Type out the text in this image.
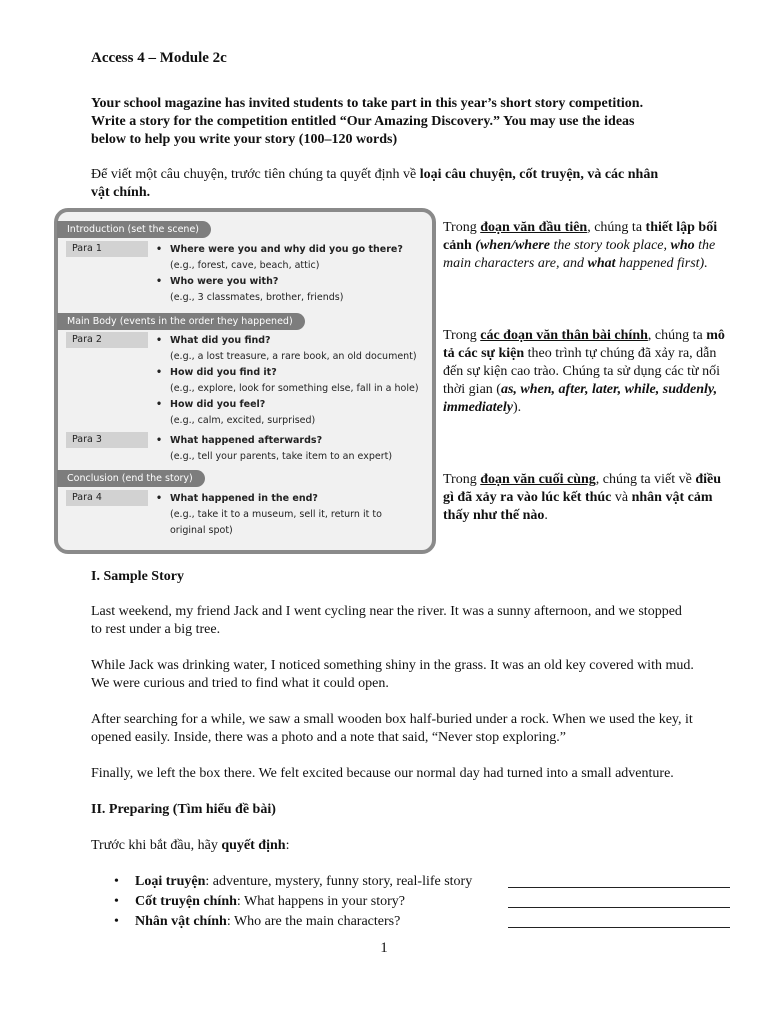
Access 4 – Module 2c
Your school magazine has invited students to take part in this year’s short story competition.
Write a story for the competition entitled “Our Amazing Discovery.” You may use the ideas
below to help you write your story (100–120 words)
Để viết một câu chuyện, trước tiên chúng ta quyết định về loại câu chuyện, cốt truyện, và các nhân
vật chính.
Introduction (set the scene)
Para 1	• Where were you and why did you go there?
(e.g., forest, cave, beach, attic)
• Who were you with?
(e.g., 3 classmates, brother, friends)
Main Body (events in the order they happened)
Para 2	• What did you find?
(e.g., a lost treasure, a rare book, an old document)
• How did you find it?
(e.g., explore, look for something else, fall in a hole)
• How did you feel?
(e.g., calm, excited, surprised)
Para 3	• What happened afterwards?
(e.g., tell your parents, take item to an expert)
Conclusion (end the story)
Para 4	• What happened in the end?
(e.g., take it to a museum, sell it, return it to
original spot)
Trong đoạn văn đầu tiên, chúng ta thiết lập bối
cảnh (when/where the story took place, who the
main characters are, and what happened first).
Trong các đoạn văn thân bài chính, chúng ta mô
tả các sự kiện theo trình tự chúng đã xảy ra, dẫn
đến sự kiện cao trào. Chúng ta sử dụng các từ nối
thời gian (as, when, after, later, while, suddenly,
immediately).
Trong đoạn văn cuối cùng, chúng ta viết về điều
gì đã xảy ra vào lúc kết thúc và nhân vật cảm
thấy như thế nào.
I. Sample Story
Last weekend, my friend Jack and I went cycling near the river. It was a sunny afternoon, and we stopped
to rest under a big tree.
While Jack was drinking water, I noticed something shiny in the grass. It was an old key covered with mud.
We were curious and tried to find what it could open.
After searching for a while, we saw a small wooden box half-buried under a rock. When we used the key, it
opened easily. Inside, there was a photo and a note that said, “Never stop exploring.”
Finally, we left the box there. We felt excited because our normal day had turned into a small adventure.
II. Preparing (Tìm hiểu đề bài)
Trước khi bắt đầu, hãy quyết định:
• Loại truyện: adventure, mystery, funny story, real-life story
• Cốt truyện chính: What happens in your story?
• Nhân vật chính: Who are the main characters?
1
